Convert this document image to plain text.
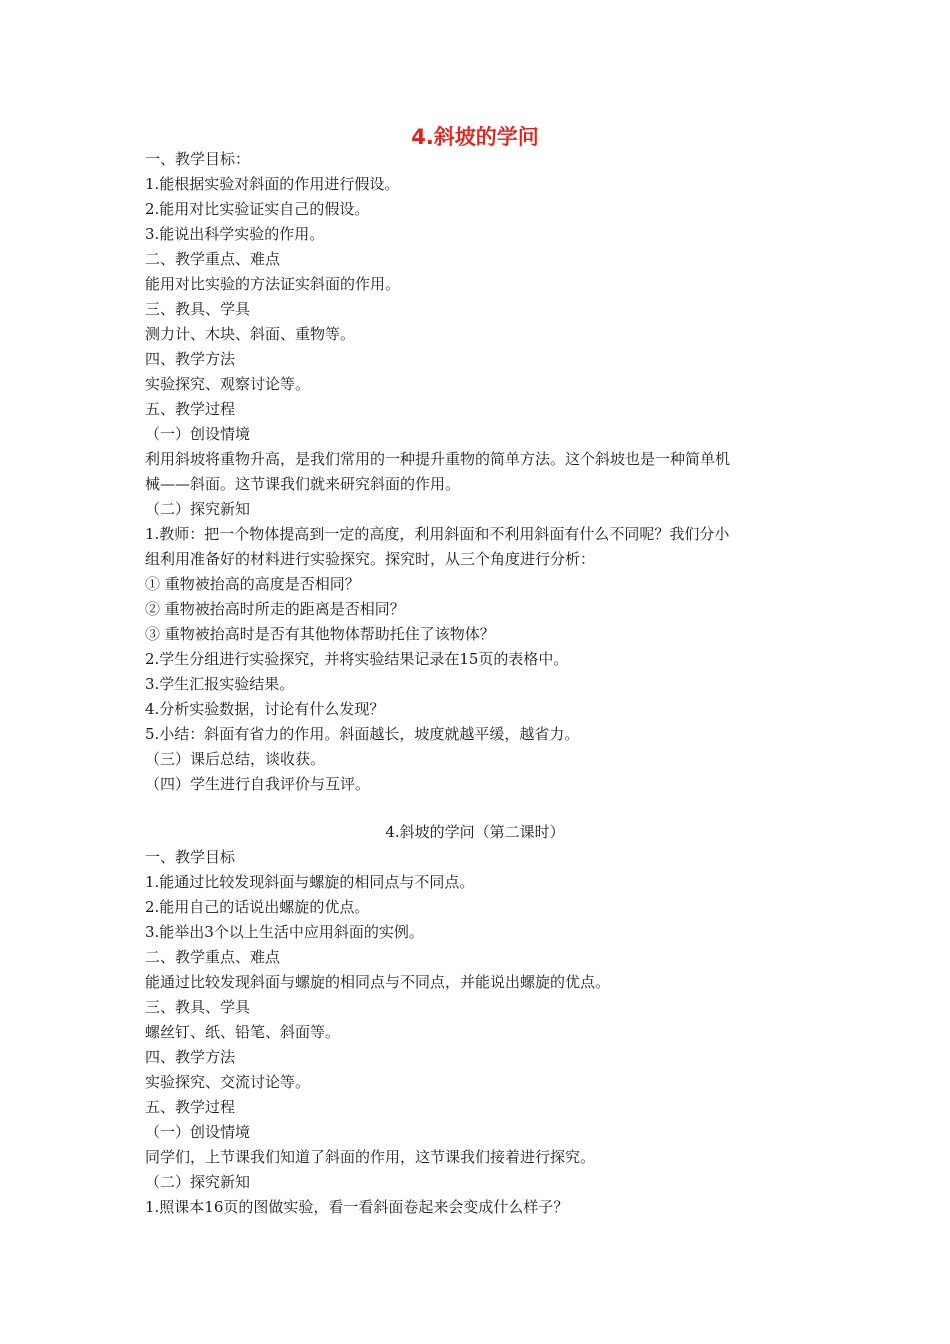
4.斜坡的学问
一、教学目标：
1.能根据实验对斜面的作用进行假设。
2.能用对比实验证实自己的假设。
3.能说出科学实验的作用。
二、教学重点、难点
能用对比实验的方法证实斜面的作用。
三、教具、学具
测力计、木块、斜面、重物等。
四、教学方法
实验探究、观察讨论等。
五、教学过程
（一）创设情境
利用斜坡将重物升高，是我们常用的一种提升重物的简单方法。这个斜坡也是一种简单机
械——斜面。这节课我们就来研究斜面的作用。
（二）探究新知
1.教师：把一个物体提高到一定的高度，利用斜面和不利用斜面有什么不同呢？我们分小
组利用准备好的材料进行实验探究。探究时，从三个角度进行分析：
① 重物被抬高的高度是否相同？
② 重物被抬高时所走的距离是否相同？
③ 重物被抬高时是否有其他物体帮助托住了该物体？
2.学生分组进行实验探究，并将实验结果记录在15页的表格中。
3.学生汇报实验结果。
4.分析实验数据，讨论有什么发现？
5.小结：斜面有省力的作用。斜面越长，坡度就越平缓，越省力。
（三）课后总结，谈收获。
（四）学生进行自我评价与互评。
4.斜坡的学问（第二课时）
一、教学目标
1.能通过比较发现斜面与螺旋的相同点与不同点。
2.能用自己的话说出螺旋的优点。
3.能举出3个以上生活中应用斜面的实例。
二、教学重点、难点
能通过比较发现斜面与螺旋的相同点与不同点，并能说出螺旋的优点。
三、教具、学具
螺丝钉、纸、铅笔、斜面等。
四、教学方法
实验探究、交流讨论等。
五、教学过程
（一）创设情境
同学们，上节课我们知道了斜面的作用，这节课我们接着进行探究。
（二）探究新知
1.照课本16页的图做实验，看一看斜面卷起来会变成什么样子？
